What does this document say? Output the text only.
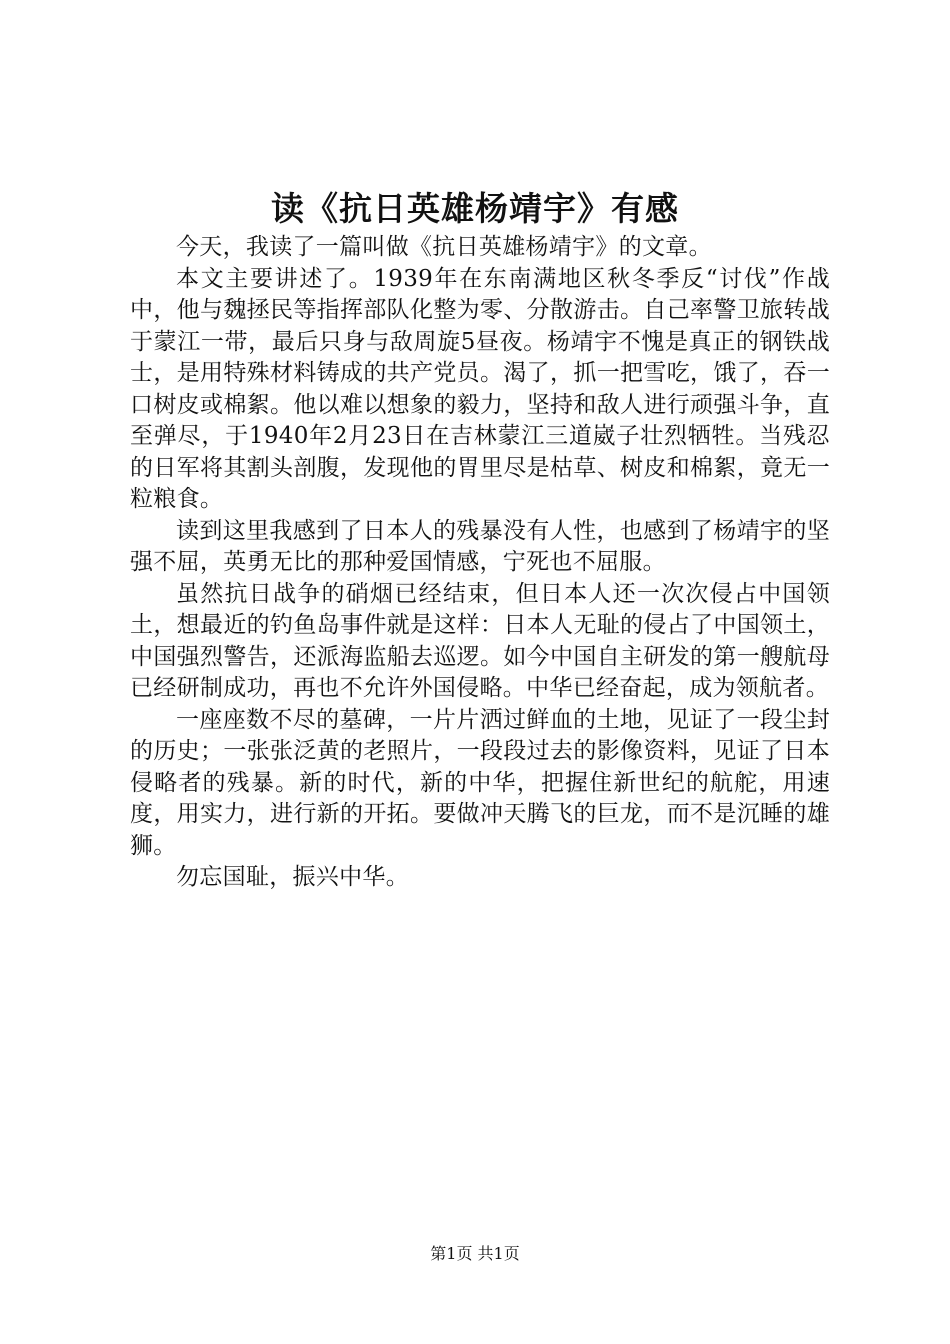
读《抗日英雄杨靖宇》有感

今天，我读了一篇叫做《抗日英雄杨靖宇》的文章。

本文主要讲述了。1939年在东南满地区秋冬季反“讨伐”作战中，他与魏拯民等指挥部队化整为零、分散游击。自己率警卫旅转战于蒙江一带，最后只身与敌周旋5昼夜。杨靖宇不愧是真正的钢铁战士，是用特殊材料铸成的共产党员。渴了，抓一把雪吃，饿了，吞一口树皮或棉絮。他以难以想象的毅力，坚持和敌人进行顽强斗争，直至弹尽，于1940年2月23日在吉林蒙江三道崴子壮烈牺牲。当残忍的日军将其割头剖腹，发现他的胃里尽是枯草、树皮和棉絮，竟无一粒粮食。

读到这里我感到了日本人的残暴没有人性，也感到了杨靖宇的坚强不屈，英勇无比的那种爱国情感，宁死也不屈服。

虽然抗日战争的硝烟已经结束，但日本人还一次次侵占中国领土，想最近的钓鱼岛事件就是这样：日本人无耻的侵占了中国领土，中国强烈警告，还派海监船去巡逻。如今中国自主研发的第一艘航母已经研制成功，再也不允许外国侵略。中华已经奋起，成为领航者。

一座座数不尽的墓碑，一片片洒过鲜血的土地，见证了一段尘封的历史；一张张泛黄的老照片，一段段过去的影像资料，见证了日本侵略者的残暴。新的时代，新的中华，把握住新世纪的航舵，用速度，用实力，进行新的开拓。要做冲天腾飞的巨龙，而不是沉睡的雄狮。

勿忘国耻，振兴中华。

第1页 共1页
